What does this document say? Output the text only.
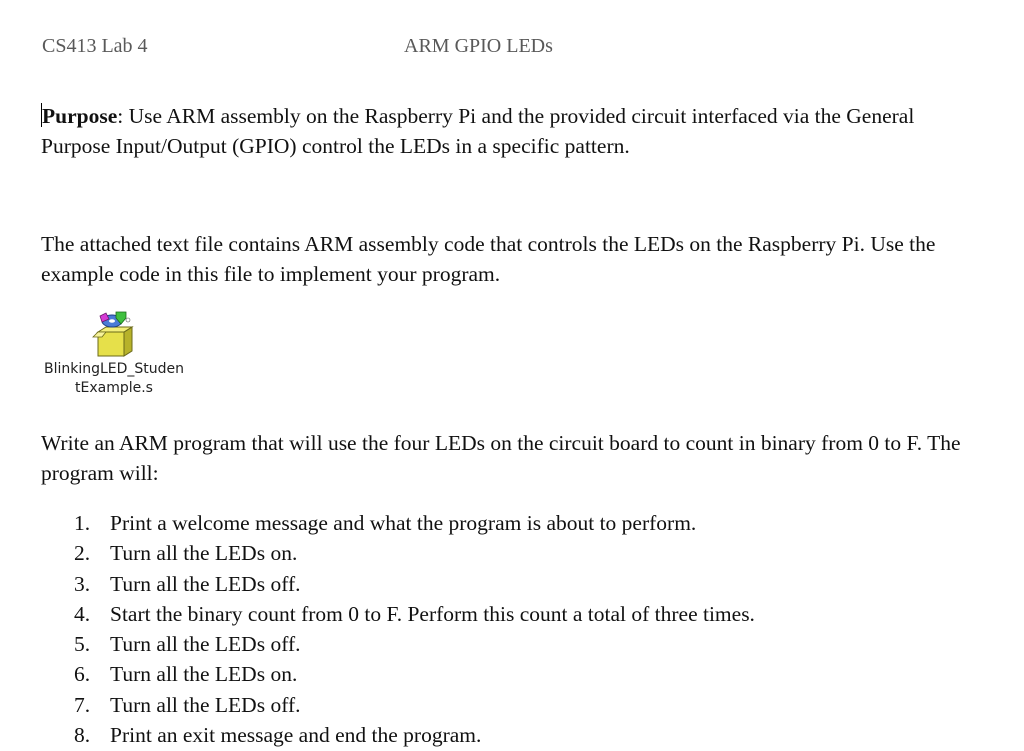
CS413 Lab 4	ARM GPIO LEDs
Purpose: Use ARM assembly on the Raspberry Pi and the provided circuit interfaced via the General Purpose Input/Output (GPIO) control the LEDs in a specific pattern.
The attached text file contains ARM assembly code that controls the LEDs on the Raspberry Pi. Use the example code in this file to implement your program.
BlinkingLED_StudentExample.s
Write an ARM program that will use the four LEDs on the circuit board to count in binary from 0 to F. The program will:
1. Print a welcome message and what the program is about to perform.
2. Turn all the LEDs on.
3. Turn all the LEDs off.
4. Start the binary count from 0 to F. Perform this count a total of three times.
5. Turn all the LEDs off.
6. Turn all the LEDs on.
7. Turn all the LEDs off.
8. Print an exit message and end the program.
